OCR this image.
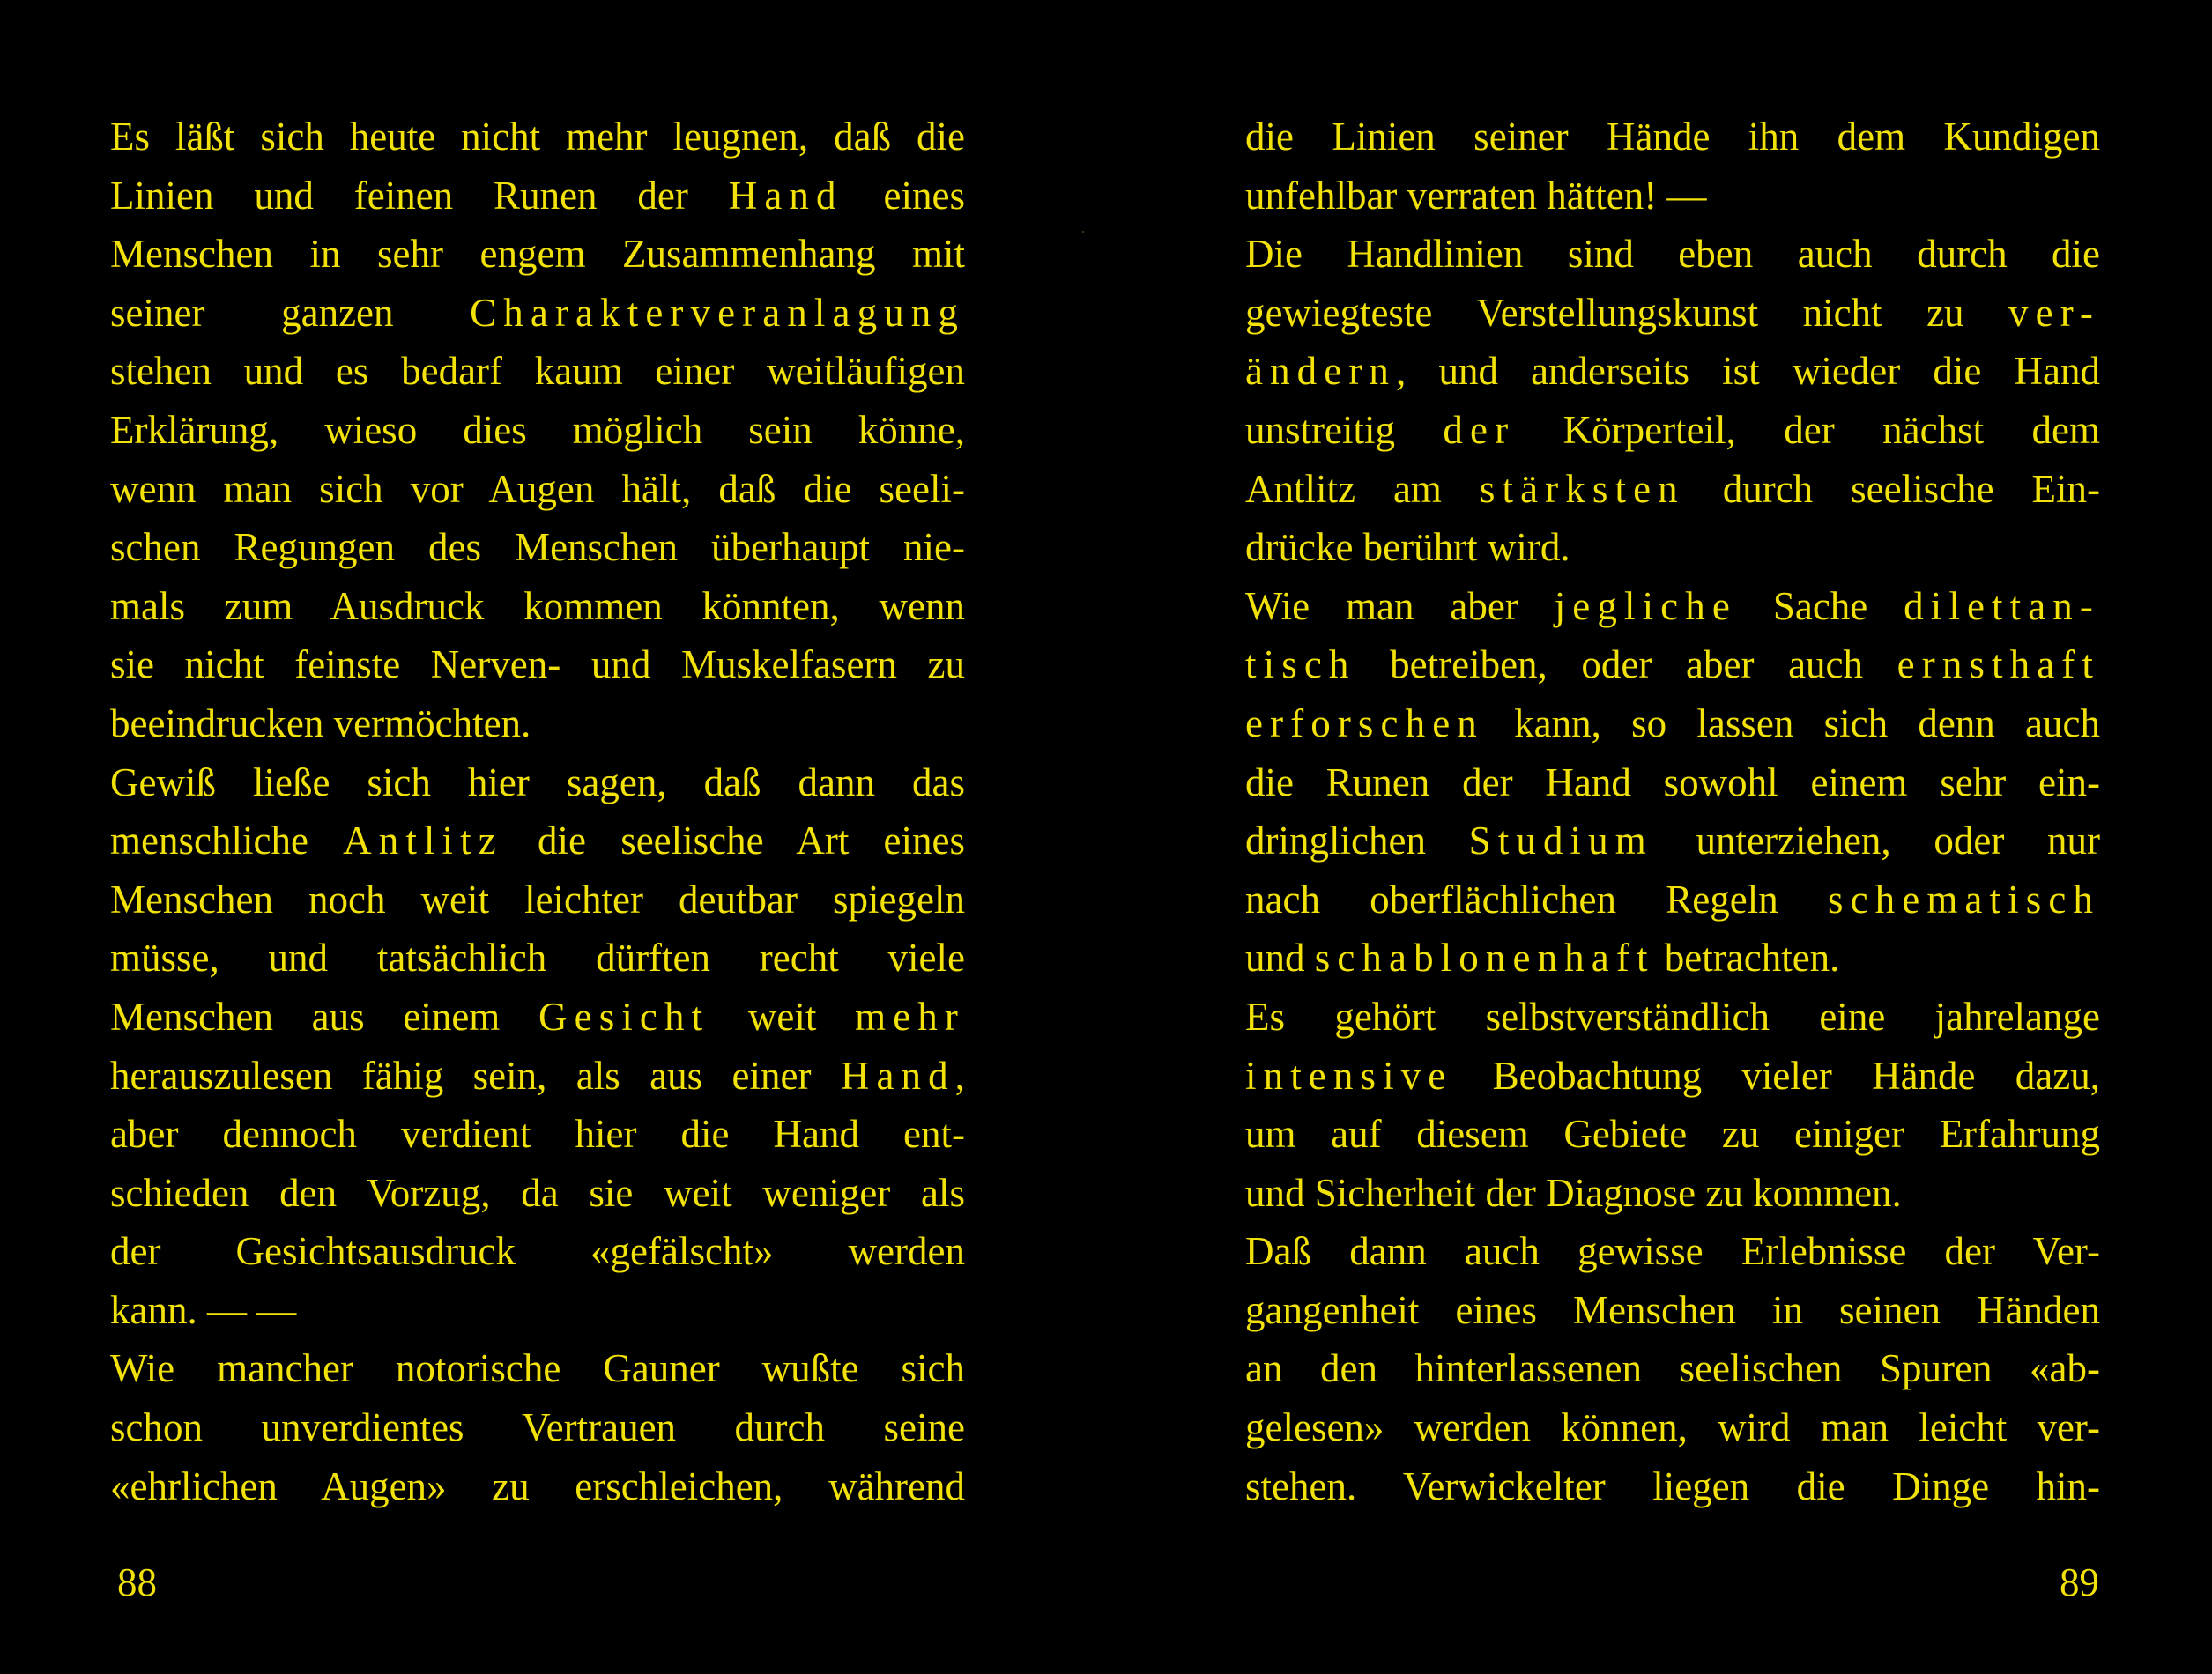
Es läßt sich heute nicht mehr leugnen, daß die
Linien und feinen Runen der Hand eines
Menschen in sehr engem Zusammenhang mit
seiner ganzen Charakterveranlagung
stehen und es bedarf kaum einer weitläufigen
Erklärung, wieso dies möglich sein könne,
wenn man sich vor Augen hält, daß die seeli-
schen Regungen des Menschen überhaupt nie-
mals zum Ausdruck kommen könnten, wenn
sie nicht feinste Nerven- und Muskelfasern zu
beeindrucken vermöchten.
Gewiß ließe sich hier sagen, daß dann das
menschliche Antlitz die seelische Art eines
Menschen noch weit leichter deutbar spiegeln
müsse, und tatsächlich dürften recht viele
Menschen aus einem Gesicht weit mehr
herauszulesen fähig sein, als aus einer Hand,
aber dennoch verdient hier die Hand ent-
schieden den Vorzug, da sie weit weniger als
der Gesichtsausdruck «gefälscht» werden
kann. — —
Wie mancher notorische Gauner wußte sich
schon unverdientes Vertrauen durch seine
«ehrlichen Augen» zu erschleichen, während
88
die Linien seiner Hände ihn dem Kundigen
unfehlbar verraten hätten! —
Die Handlinien sind eben auch durch die
gewiegteste Verstellungskunst nicht zu ver-
ändern, und anderseits ist wieder die Hand
unstreitig der Körperteil, der nächst dem
Antlitz am stärksten durch seelische Ein-
drücke berührt wird.
Wie man aber jegliche Sache dilettan-
tisch betreiben, oder aber auch ernsthaft
erforschen kann, so lassen sich denn auch
die Runen der Hand sowohl einem sehr ein-
dringlichen Studium unterziehen, oder nur
nach oberflächlichen Regeln schematisch
und schablonenhaft betrachten.
Es gehört selbstverständlich eine jahrelange
intensive Beobachtung vieler Hände dazu,
um auf diesem Gebiete zu einiger Erfahrung
und Sicherheit der Diagnose zu kommen.
Daß dann auch gewisse Erlebnisse der Ver-
gangenheit eines Menschen in seinen Händen
an den hinterlassenen seelischen Spuren «ab-
gelesen» werden können, wird man leicht ver-
stehen. Verwickelter liegen die Dinge hin-
89
